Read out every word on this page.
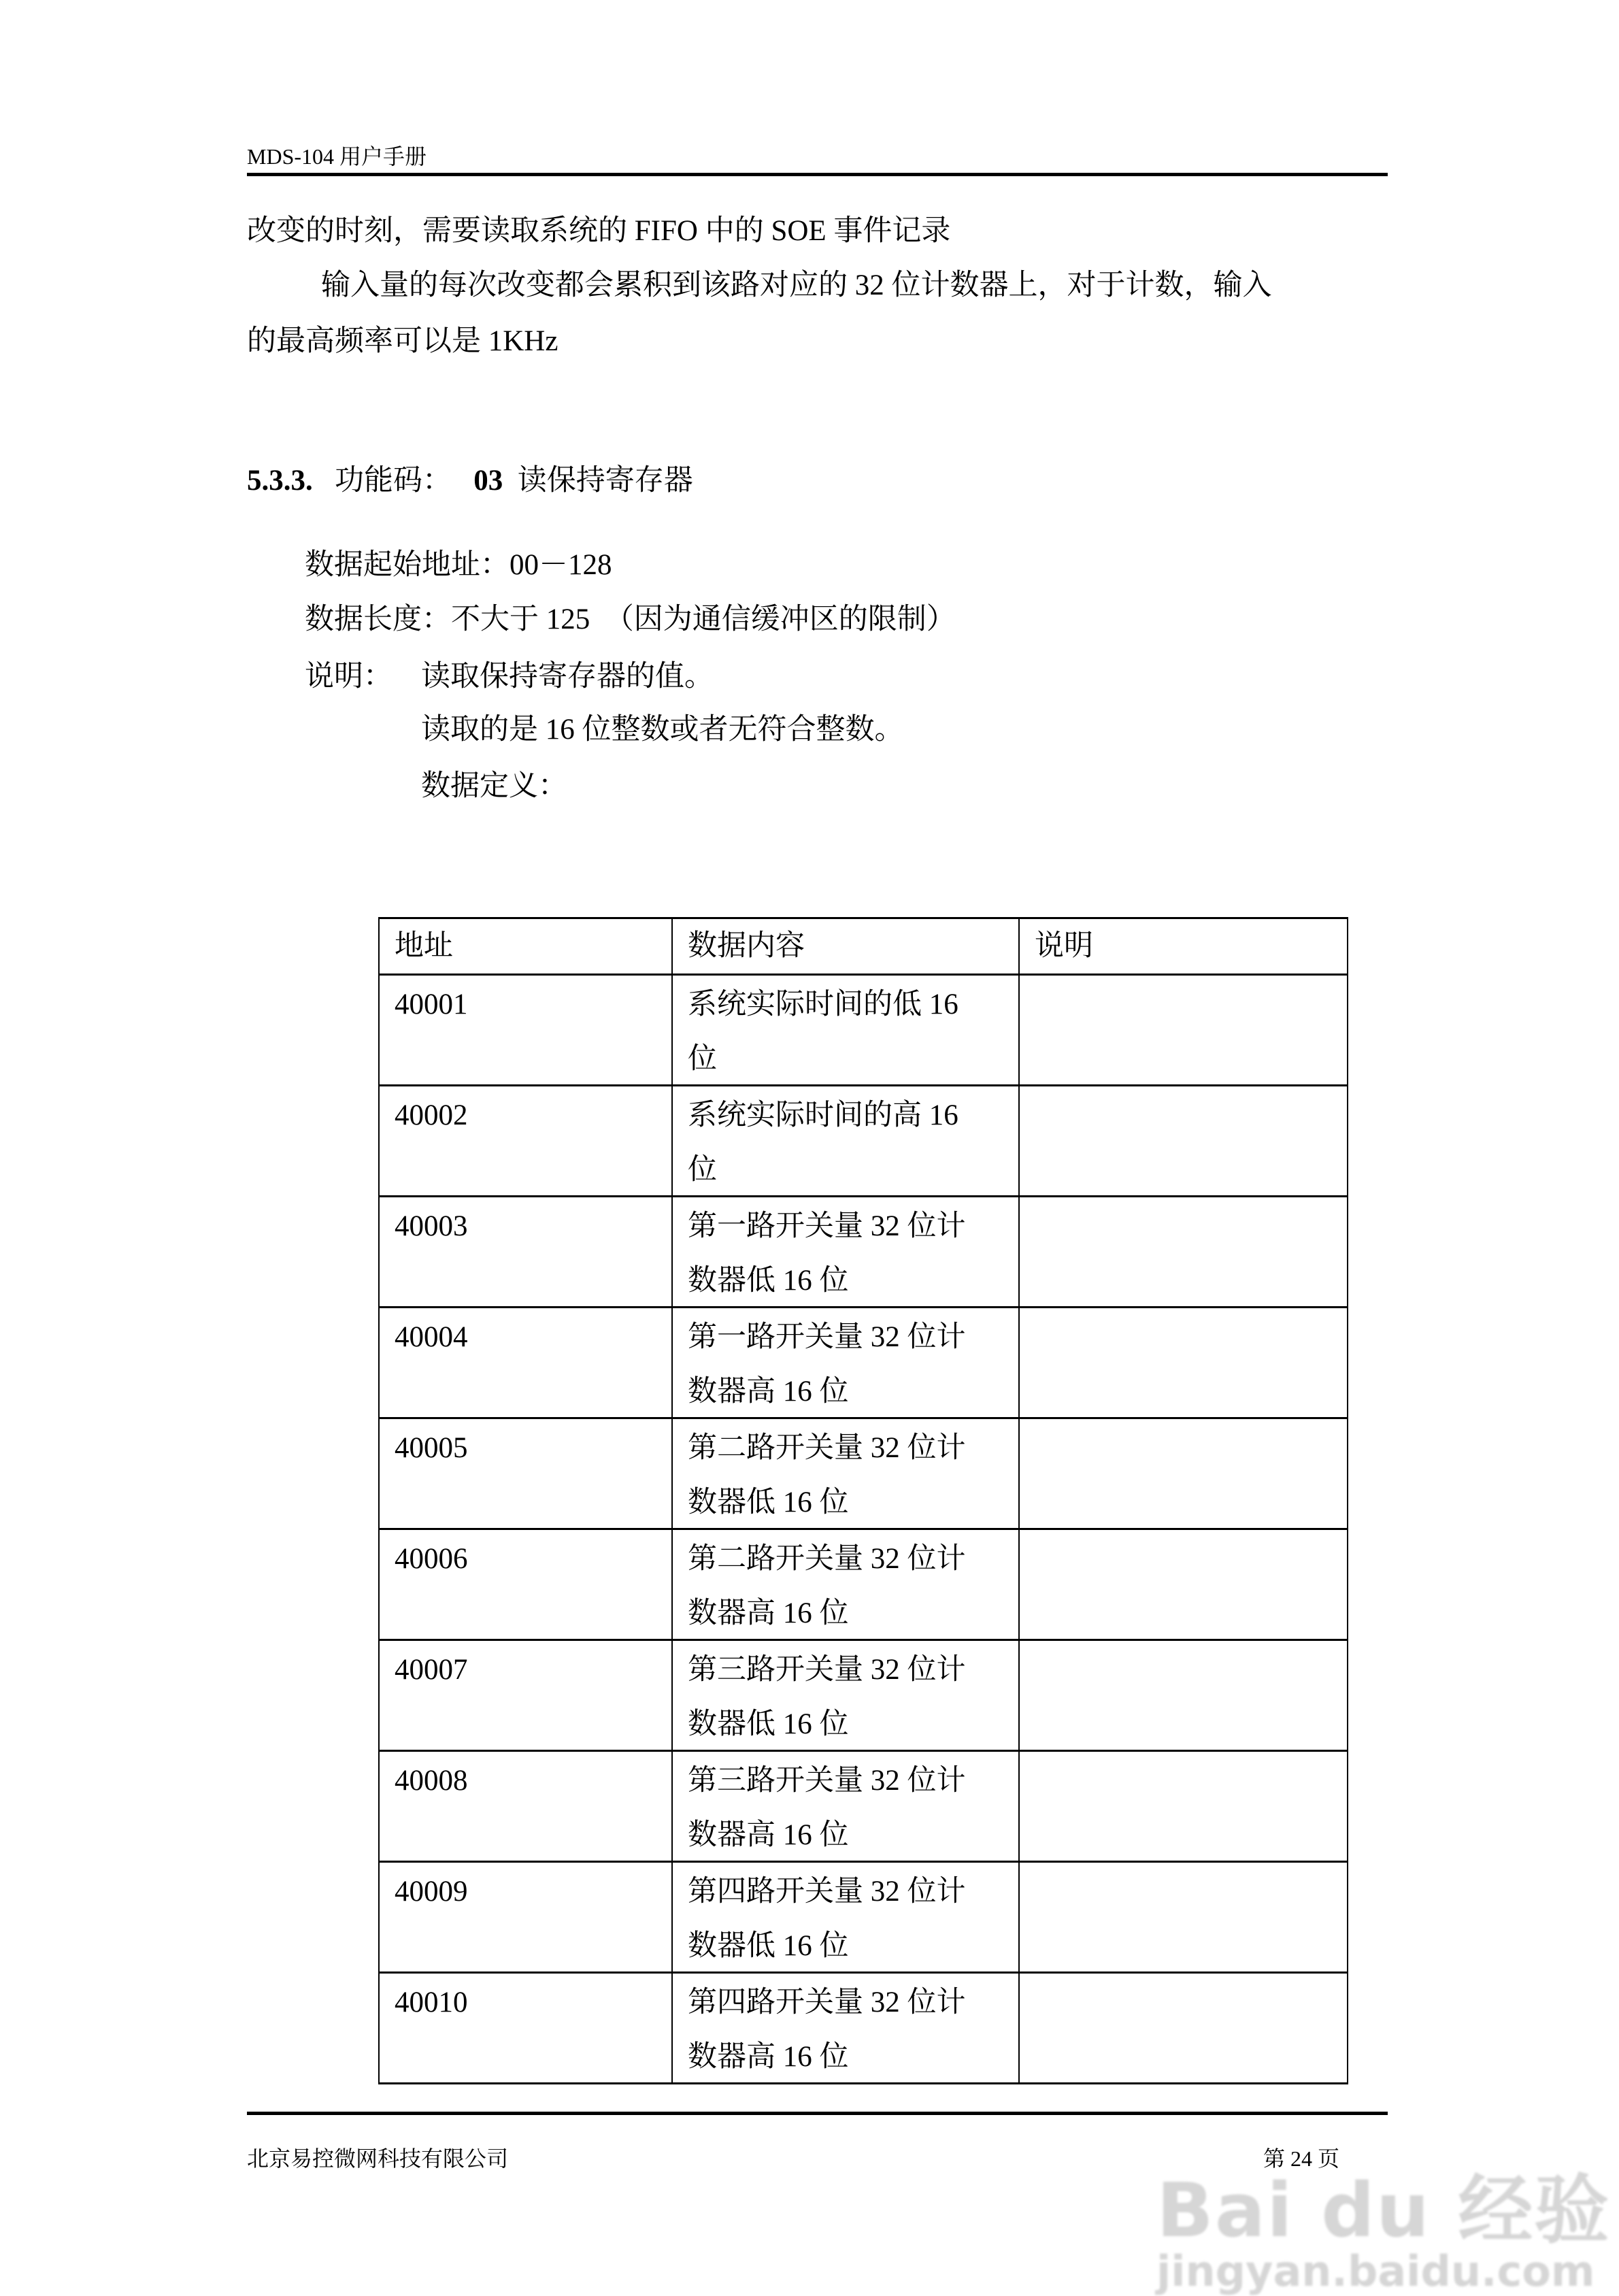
MDS-104 用户手册
改变的时刻，需要读取系统的 FIFO 中的 SOE 事件记录
输入量的每次改变都会累积到该路对应的 32 位计数器上，对于计数，输入
的最高频率可以是 1KHz
5.3.3. 功能码： 03 读保持寄存器
数据起始地址：00－128
数据长度：不大于 125　（因为通信缓冲区的限制）
说明： 读取保持寄存器的值。
读取的是 16 位整数或者无符合整数。
数据定义：
地址	数据内容	说明

40001	系统实际时间的低 16
位	

40002	系统实际时间的高 16
位	

40003	第一路开关量 32 位计
数器低 16 位	

40004	第一路开关量 32 位计
数器高 16 位	

40005	第二路开关量 32 位计
数器低 16 位	

40006	第二路开关量 32 位计
数器高 16 位	

40007	第三路开关量 32 位计
数器低 16 位	

40008	第三路开关量 32 位计
数器高 16 位	

40009	第四路开关量 32 位计
数器低 16 位	

40010	第四路开关量 32 位计
数器高 16 位	

北京易控微网科技有限公司	第 24 页
Bai du 经验
jingyan.baidu.com
